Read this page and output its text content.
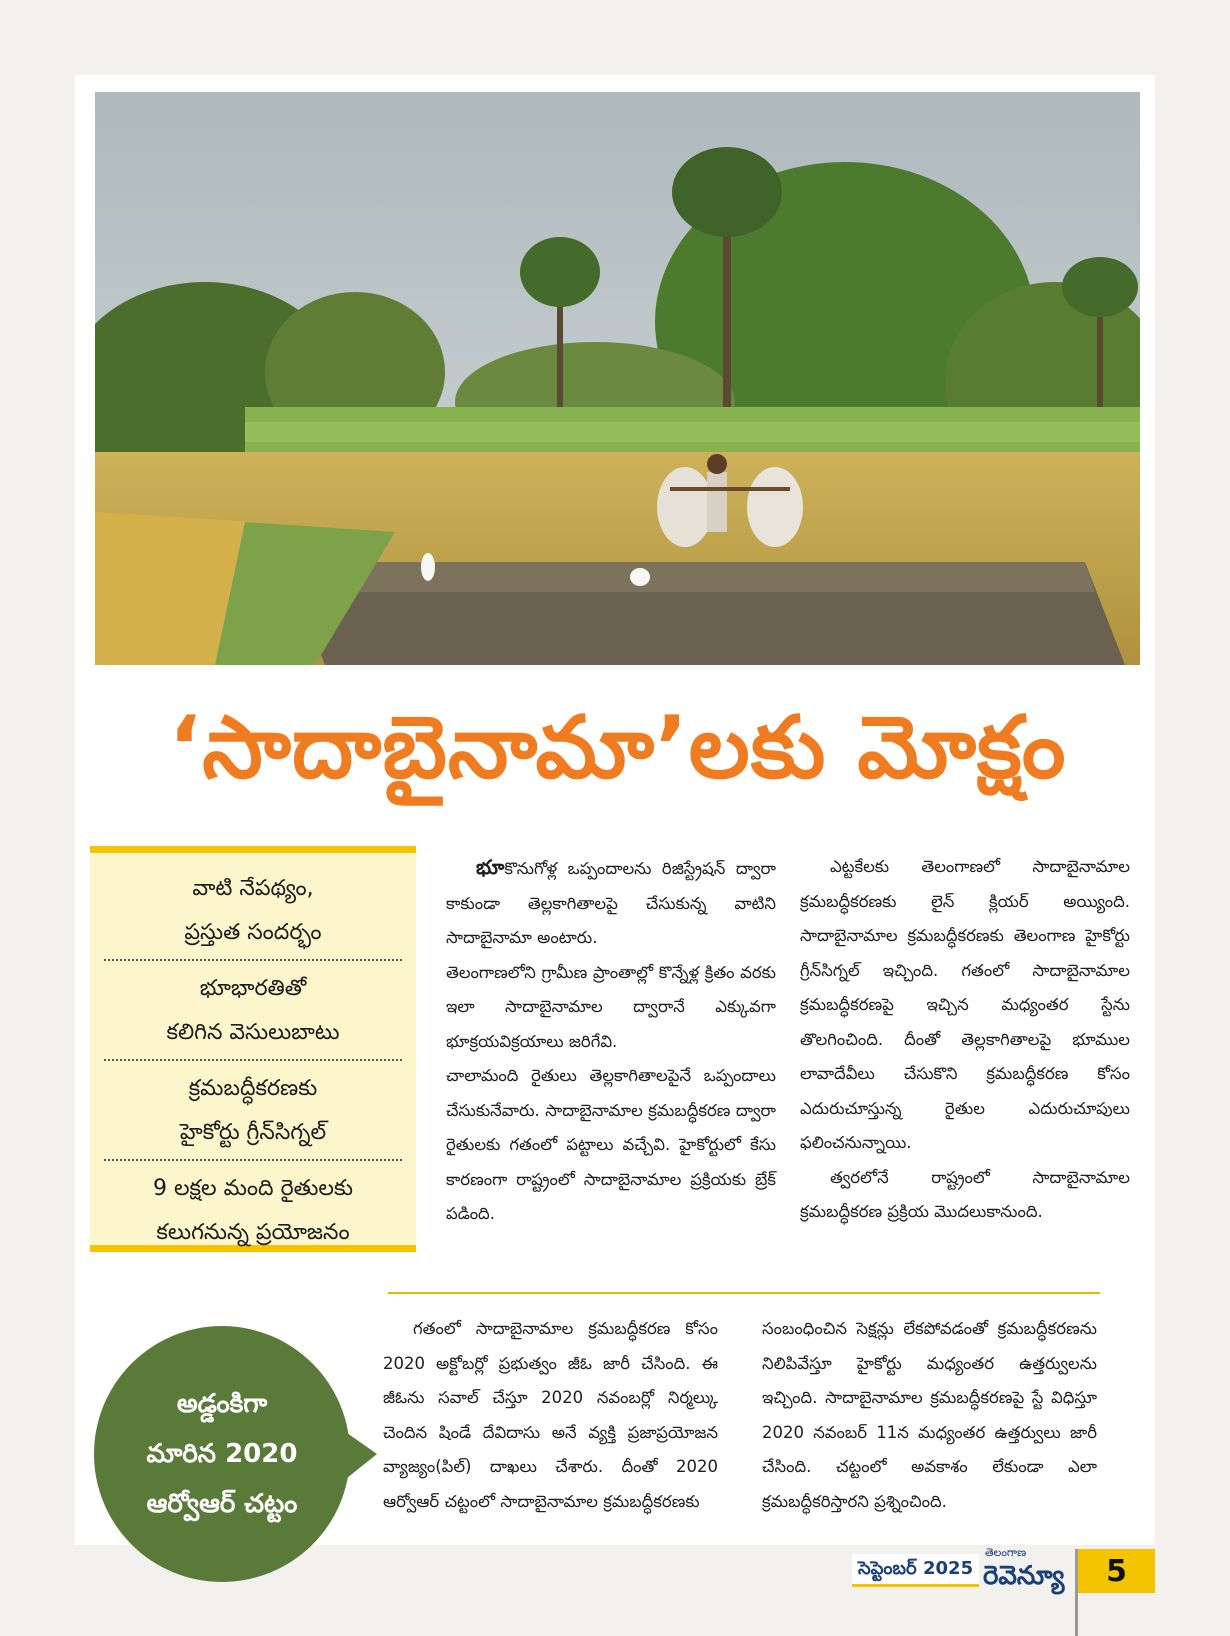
‘సాదాబైనామా’లకు మోక్షం
వాటి నేపథ్యం,
ప్రస్తుత సందర్భం
భూభారతితో
కలిగిన వెసులుబాటు
క్రమబద్ధీకరణకు
హైకోర్టు గ్రీన్‌సిగ్నల్
9 లక్షల మంది రైతులకు
కలుగనున్న ప్రయోజనం

భూకొనుగోళ్ల ఒప్పందాలను రిజిస్ట్రేషన్ ద్వారా కాకుండా తెల్లకాగితాలపై చేసుకున్న వాటిని సాదాబైనామా అంటారు.

తెలంగాణలోని గ్రామీణ ప్రాంతాల్లో కొన్నేళ్ల క్రితం వరకు ఇలా సాదాబైనామాల ద్వారానే ఎక్కువగా భూక్రయవిక్రయాలు జరిగేవి.

చాలామంది రైతులు తెల్లకాగితాలపైనే ఒప్పందాలు చేసుకునేవారు. సాదాబైనామాల క్రమబద్ధీకరణ ద్వారా రైతులకు గతంలో పట్టాలు వచ్చేవి. హైకోర్టులో కేసు కారణంగా రాష్ట్రంలో సాదాబైనామాల ప్రక్రియకు బ్రేక్ పడింది.

ఎట్టకేలకు తెలంగాణలో సాదాబైనామాల క్రమబద్ధీకరణకు లైన్ క్లియర్ అయ్యింది. సాదాబైనామాల క్రమబద్ధీకరణకు తెలంగాణ హైకోర్టు గ్రీన్‌సిగ్నల్ ఇచ్చింది. గతంలో సాదాబైనామాల క్రమబద్ధీకరణపై ఇచ్చిన మధ్యంతర స్టేను తొలగించింది. దీంతో తెల్లకాగితాలపై భూముల లావాదేవీలు చేసుకొని క్రమబద్ధీకరణ కోసం ఎదురుచూస్తున్న రైతుల ఎదురుచూపులు ఫలించనున్నాయి.

త్వరలోనే రాష్ట్రంలో సాదాబైనామాల క్రమబద్ధీకరణ ప్రక్రియ మొదలుకానుంది.

అడ్డంకిగా
మారిన 2020
ఆర్వోఆర్ చట్టం

గతంలో సాదాబైనామాల క్రమబద్ధీకరణ కోసం 2020 అక్టోబర్లో ప్రభుత్వం జీఓ జారీ చేసింది. ఈ జీఓను సవాల్ చేస్తూ 2020 నవంబర్లో నిర్మల్కు చెందిన షిండే దేవిదాసు అనే వ్యక్తి ప్రజాప్రయోజన వ్యాజ్యం(పిల్) దాఖలు చేశారు. దీంతో 2020 ఆర్వోఆర్ చట్టంలో సాదాబైనామాల క్రమబద్ధీకరణకు

సంబంధించిన సెక్షన్లు లేకపోవడంతో క్రమబద్ధీకరణను నిలిపివేస్తూ హైకోర్టు మధ్యంతర ఉత్తర్వులను ఇచ్చింది. సాదాబైనామాల క్రమబద్ధీకరణపై స్టే విధిస్తూ 2020 నవంబర్ 11న మధ్యంతర ఉత్తర్వులు జారీ చేసింది. చట్టంలో అవకాశం లేకుండా ఎలా క్రమబద్ధీకరిస్తారని ప్రశ్నించింది.

సెప్టెంబర్ 2025
తెలంగాణ
రెవెన్యూ	5
